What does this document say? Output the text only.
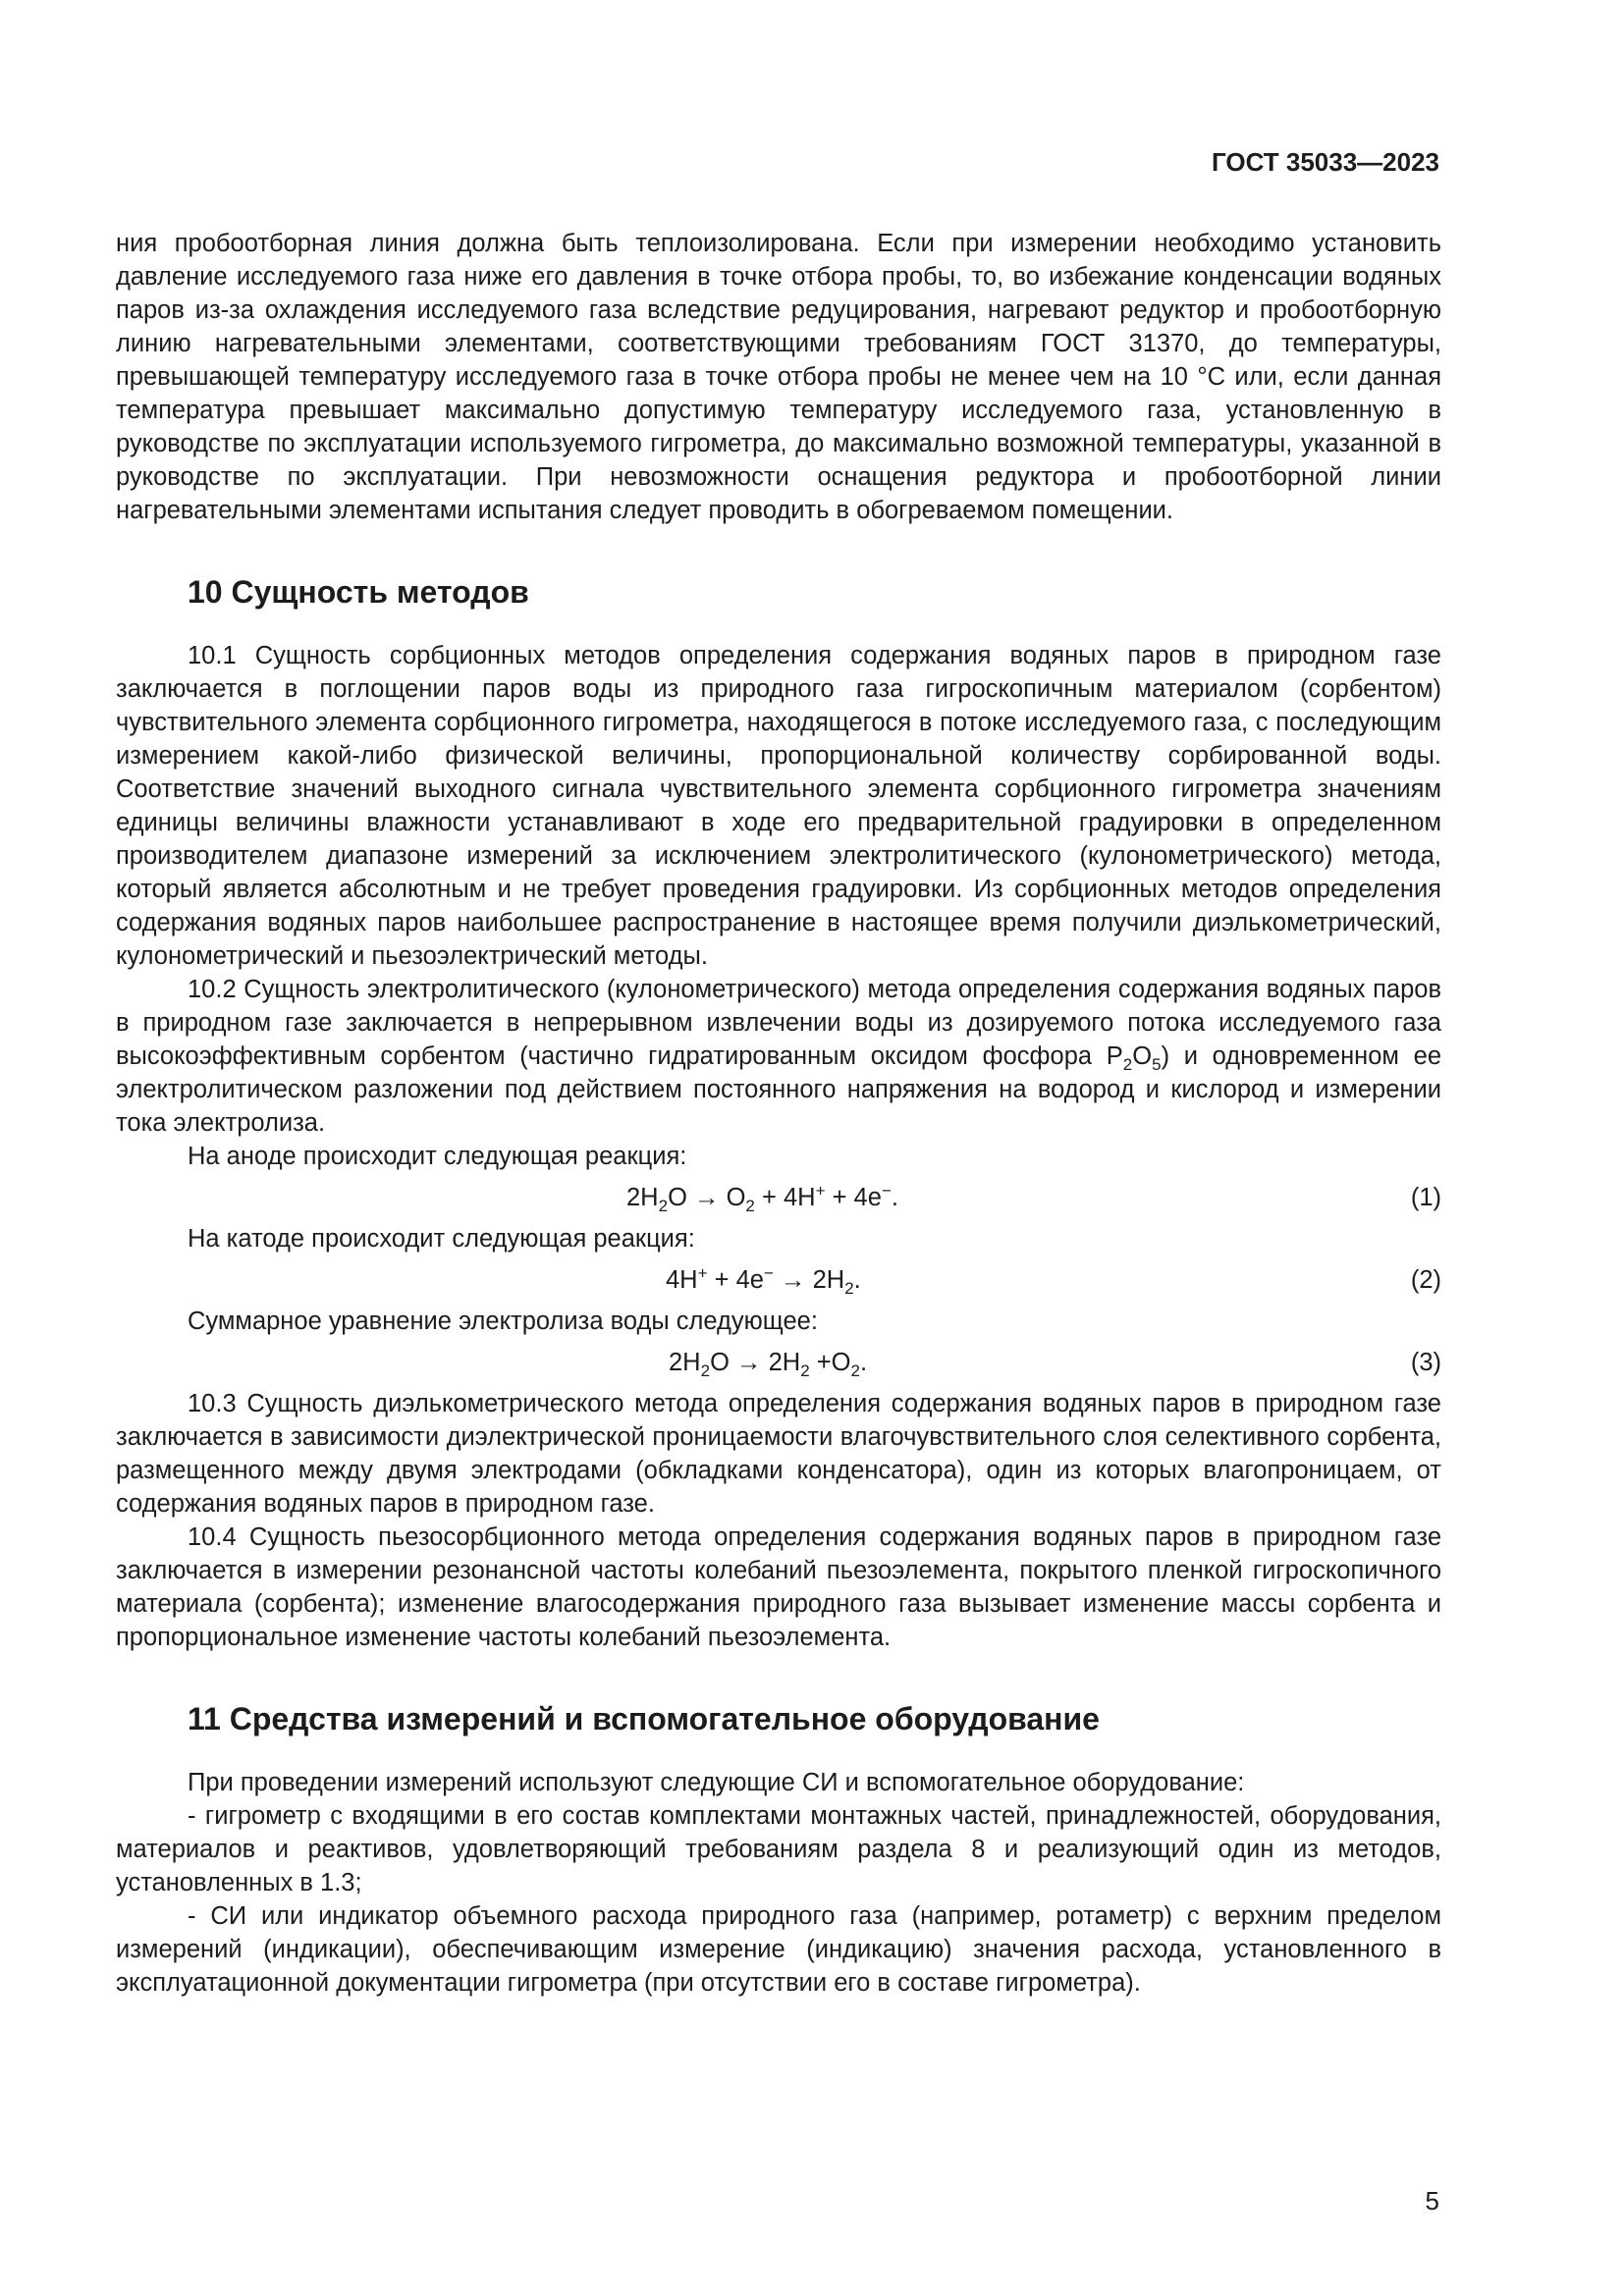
ГОСТ 35033—2023

ния пробоотборная линия должна быть теплоизолирована. Если при измерении необходимо установить давление исследуемого газа ниже его давления в точке отбора пробы, то, во избежание конденсации водяных паров из-за охлаждения исследуемого газа вследствие редуцирования, нагревают редуктор и пробоотборную линию нагревательными элементами, соответствующими требованиям ГОСТ 31370, до температуры, превышающей температуру исследуемого газа в точке отбора пробы не менее чем на 10 °С или, если данная температура превышает максимально допустимую температуру исследуемого газа, установленную в руководстве по эксплуатации используемого гигрометра, до максимально возможной температуры, указанной в руководстве по эксплуатации. При невозможности оснащения редуктора и пробоотборной линии нагревательными элементами испытания следует проводить в обогреваемом помещении.

10 Сущность методов

10.1 Сущность сорбционных методов определения содержания водяных паров в природном газе заключается в поглощении паров воды из природного газа гигроскопичным материалом (сорбентом) чувствительного элемента сорбционного гигрометра, находящегося в потоке исследуемого газа, с последующим измерением какой-либо физической величины, пропорциональной количеству сорбированной воды. Соответствие значений выходного сигнала чувствительного элемента сорбционного гигрометра значениям единицы величины влажности устанавливают в ходе его предварительной градуировки в определенном производителем диапазоне измерений за исключением электролитического (кулонометрического) метода, который является абсолютным и не требует проведения градуировки. Из сорбционных методов определения содержания водяных паров наибольшее распространение в настоящее время получили диэлькометрический, кулонометрический и пьезоэлектрический методы.

10.2 Сущность электролитического (кулонометрического) метода определения содержания водяных паров в природном газе заключается в непрерывном извлечении воды из дозируемого потока исследуемого газа высокоэффективным сорбентом (частично гидратированным оксидом фосфора $P_2O_5$) и одновременном ее электролитическом разложении под действием постоянного напряжения на водород и кислород и измерении тока электролиза.

На аноде происходит следующая реакция:

$2H_2O \to O_2 + 4H^+ + 4e^-$.	(1)

На катоде происходит следующая реакция:

$4H^+ + 4e^- \to 2H_2$.	(2)

Суммарное уравнение электролиза воды следующее:

$2H_2O \to 2H_2 +O_2$.	(3)

10.3 Сущность диэлькометрического метода определения содержания водяных паров в природном газе заключается в зависимости диэлектрической проницаемости влагочувствительного слоя селективного сорбента, размещенного между двумя электродами (обкладками конденсатора), один из которых влагопроницаем, от содержания водяных паров в природном газе.

10.4 Сущность пьезосорбционного метода определения содержания водяных паров в природном газе заключается в измерении резонансной частоты колебаний пьезоэлемента, покрытого пленкой гигроскопичного материала (сорбента); изменение влагосодержания природного газа вызывает изменение массы сорбента и пропорциональное изменение частоты колебаний пьезоэлемента.

11 Средства измерений и вспомогательное оборудование

При проведении измерений используют следующие СИ и вспомогательное оборудование:

- гигрометр с входящими в его состав комплектами монтажных частей, принадлежностей, оборудования, материалов и реактивов, удовлетворяющий требованиям раздела 8 и реализующий один из методов, установленных в 1.3;

- СИ или индикатор объемного расхода природного газа (например, ротаметр) с верхним пределом измерений (индикации), обеспечивающим измерение (индикацию) значения расхода, установленного в эксплуатационной документации гигрометра (при отсутствии его в составе гигрометра).

5
